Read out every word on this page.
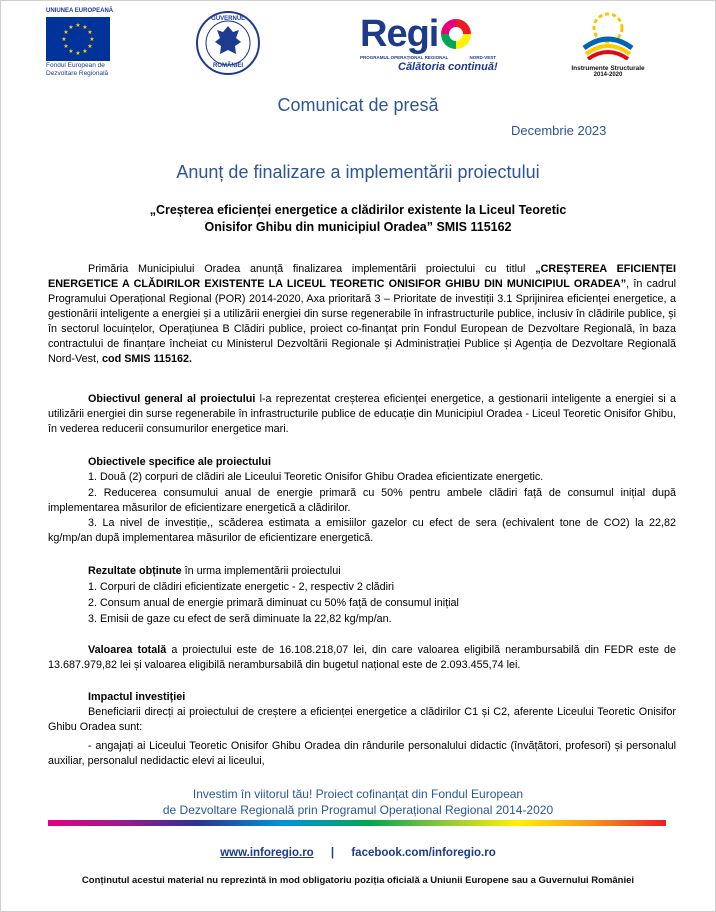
UNIUNEA EUROPEANĂ
★ ★
★
★
★
★
★
★
★
★
★
★
Fondul European de Dezvoltare Regională
GUVERNUL
ROMÂNIEI
Regi
PROGRAMUL OPERAȚIONAL REGIONAL	NORD-VEST
Călătoria continuă!	Instrumente Structurale
2014-2020
Comunicat de presă
Decembrie 2023
Anunț de finalizare a implementării proiectului
„Creșterea eficienței energetice a clădirilor existente la Liceul Teoretic
Onisifor Ghibu din municipiul Oradea” SMIS 115162

Primăria Municipiului Oradea anunță finalizarea implementării proiectului cu titlul „CREȘTEREA EFICIENȚEI ENERGETICE A CLĂDIRILOR EXISTENTE LA LICEUL TEORETIC ONISIFOR GHIBU DIN MUNICIPIUL ORADEA”, în cadrul Programului Operațional Regional (POR) 2014-2020, Axa prioritară 3 – Prioritate de investiții 3.1 Sprijinirea eficienței energetice, a gestionării inteligente a energiei și a utilizării energiei din surse regenerabile în infrastructurile publice, inclusiv în clădirile publice, și în sectorul locuințelor, Operațiunea B Clădiri publice, proiect co-finanțat prin Fondul European de Dezvoltare Regională, în baza contractului de finanțare încheiat cu Ministerul Dezvoltării Regionale și Administrației Publice și Agenția de Dezvoltare Regională Nord-Vest, cod SMIS 115162.

Obiectivul general al proiectului l-a reprezentat creșterea eficienței energetice, a gestionarii inteligente a energiei si a utilizării energiei din surse regenerabile în infrastructurile publice de educație din Municipiul Oradea - Liceul Teoretic Onisifor Ghibu, în vederea reducerii consumurilor energetice mari.

Obiectivele specifice ale proiectului

1. Două (2) corpuri de clădiri ale Liceului Teoretic Onisifor Ghibu Oradea eficientizate energetic.

2. Reducerea consumului anual de energie primară cu 50% pentru ambele clădiri față de consumul inițial după implementarea măsurilor de eficientizare energetică a clădirilor.

3. La nivel de investiție,, scăderea estimata a emisiilor gazelor cu efect de sera (echivalent tone de CO2) la 22,82 kg/mp/an după implementarea măsurilor de eficientizare energetică.

Rezultate obținute în urma implementării proiectului
1. Corpuri de clădiri eficientizate energetic - 2, respectiv 2 clădiri
2. Consum anual de energie primară diminuat cu 50% față de consumul inițial
3. Emisii de gaze cu efect de seră diminuate la 22,82 kg/mp/an.

Valoarea totală a proiectului este de 16.108.218,07 lei, din care valoarea eligibilă nerambursabilă din FEDR este de 13.687.979,82 lei și valoarea eligibilă nerambursabilă din bugetul național este de 2.093.455,74 lei.

Impactul investiției

Beneficiarii direcți ai proiectului de creștere a eficienței energetice a clădirilor C1 și C2, aferente Liceului Teoretic Onisifor Ghibu Oradea sunt:

- angajați ai Liceului Teoretic Onisifor Ghibu Oradea din rândurile personalului didactic (învățători, profesori) și personalul auxiliar, personalul nedidactic elevi ai liceului,

Investim în viitorul tău! Proiect cofinanțat din Fondul European
de Dezvoltare Regională prin Programul Operațional Regional 2014-2020
www.inforegio.ro | facebook.com/inforegio.ro
Conținutul acestui material nu reprezintă în mod obligatoriu poziția oficială a Uniunii Europene sau a Guvernului României
